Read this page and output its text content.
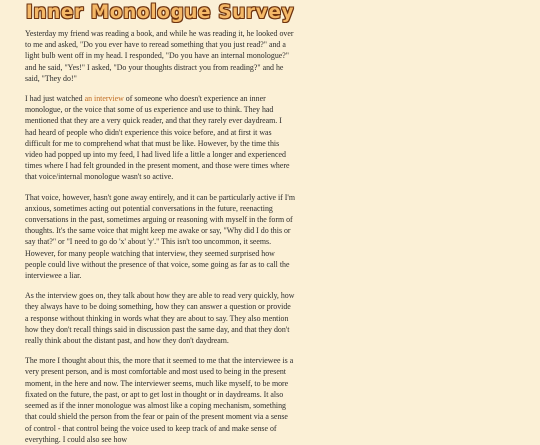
Inner Monologue Survey

Yesterday my friend was reading a book, and while he was reading it, he looked over to me and asked, "Do you ever have to reread something that you just read?" and a light bulb went off in my head. I responded, "Do you have an internal monologue?" and he said, "Yes!" I asked, "Do your thoughts distract you from reading?" and he said, "They do!"

I had just watched an interview of someone who doesn't experience an inner monologue, or the voice that some of us experience and use to think. They had mentioned that they are a very quick reader, and that they rarely ever daydream. I had heard of people who didn't experience this voice before, and at first it was difficult for me to comprehend what that must be like. However, by the time this video had popped up into my feed, I had lived life a little a longer and experienced times where I had felt grounded in the present moment, and those were times where that voice/internal monologue wasn't so active.

That voice, however, hasn't gone away entirely, and it can be particularly active if I'm anxious, sometimes acting out potential conversations in the future, reenacting conversations in the past, sometimes arguing or reasoning with myself in the form of thoughts. It's the same voice that might keep me awake or say, "Why did I do this or say that?" or "I need to go do 'x' about 'y'." This isn't too uncommon, it seems. However, for many people watching that interview, they seemed surprised how people could live without the presence of that voice, some going as far as to call the interviewee a liar.

As the interview goes on, they talk about how they are able to read very quickly, how they always have to be doing something, how they can answer a question or provide a response without thinking in words what they are about to say. They also mention how they don't recall things said in discussion past the same day, and that they don't really think about the distant past, and how they don't daydream.

The more I thought about this, the more that it seemed to me that the interviewee is a very present person, and is most comfortable and most used to being in the present moment, in the here and now. The interviewer seems, much like myself, to be more fixated on the future, the past, or apt to get lost in thought or in daydreams. It also seemed as if the inner monologue was almost like a coping mechanism, something that could shield the person from the fear or pain of the present moment via a sense of control - that control being the voice used to keep track of and make sense of everything. I could also see how
